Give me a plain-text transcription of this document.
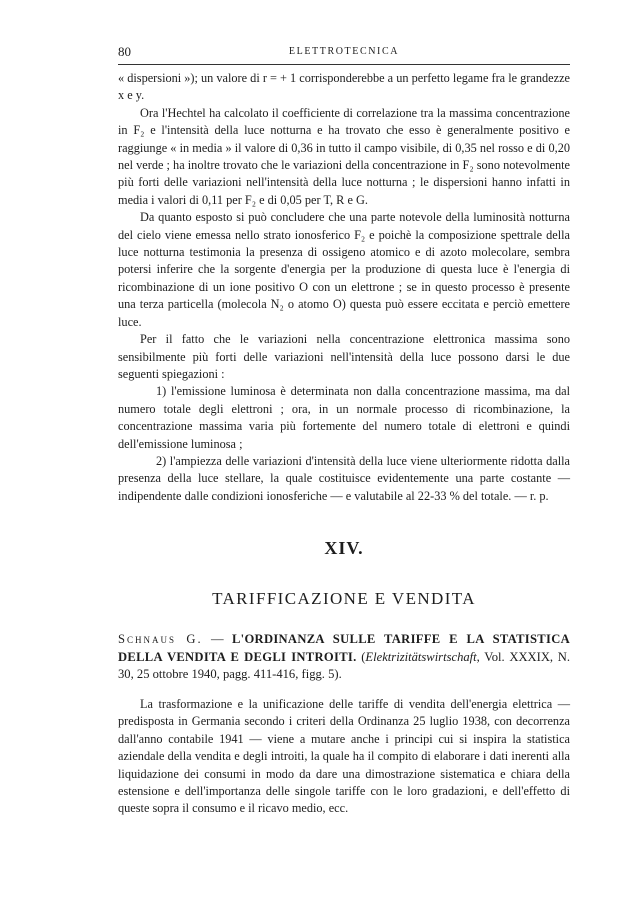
80	ELETTROTECNICA

« dispersioni »); un valore di r = + 1 corrisponderebbe a un perfetto legame fra le grandezze x e y.

Ora l'Hechtel ha calcolato il coefficiente di correlazione tra la massima concentrazione in F₂ e l'intensità della luce notturna e ha trovato che esso è generalmente positivo e raggiunge « in media » il valore di 0,36 in tutto il campo visibile, di 0,35 nel rosso e di 0,20 nel verde ; ha inoltre trovato che le variazioni della concentrazione in F₂ sono notevolmente più forti delle variazioni nell'intensità della luce notturna ; le dispersioni hanno infatti in media i valori di 0,11 per F₂ e di 0,05 per T, R e G.

Da quanto esposto si può concludere che una parte notevole della luminosità notturna del cielo viene emessa nello strato ionosferico F₂ e poichè la composizione spettrale della luce notturna testimonia la presenza di ossigeno atomico e di azoto molecolare, sembra potersi inferire che la sorgente d'energia per la produzione di questa luce è l'energia di ricombinazione di un ione positivo O con un elettrone ; se in questo processo è presente una terza particella (molecola N₂ o atomo O) questa può essere eccitata e perciò emettere luce.

Per il fatto che le variazioni nella concentrazione elettronica massima sono sensibilmente più forti delle variazioni nell'intensità della luce possono darsi le due seguenti spiegazioni :

1) l'emissione luminosa è determinata non dalla concentrazione massima, ma dal numero totale degli elettroni ; ora, in un normale processo di ricombinazione, la concentrazione massima varia più fortemente del numero totale di elettroni e quindi dell'emissione luminosa ;

2) l'ampiezza delle variazioni d'intensità della luce viene ulteriormente ridotta dalla presenza della luce stellare, la quale costituisce evidentemente una parte costante — indipendente dalle condizioni ionosferiche — e valutabile al 22-33 % del totale. — r. p.

XIV.

TARIFFICAZIONE E VENDITA

Schnaus G. — L'ORDINANZA SULLE TARIFFE E LA STATISTICA DELLA VENDITA E DEGLI INTROITI. (Elektrizitätswirtschaft, Vol. XXXIX, N. 30, 25 ottobre 1940, pagg. 411-416, figg. 5).

La trasformazione e la unificazione delle tariffe di vendita dell'energia elettrica — predisposta in Germania secondo i criteri della Ordinanza 25 luglio 1938, con decorrenza dall'anno contabile 1941 — viene a mutare anche i principi cui si inspira la statistica aziendale della vendita e degli introiti, la quale ha il compito di elaborare i dati inerenti alla liquidazione dei consumi in modo da dare una dimostrazione sistematica e chiara della estensione e dell'importanza delle singole tariffe con le loro gradazioni, e dell'effetto di queste sopra il consumo e il ricavo medio, ecc.
